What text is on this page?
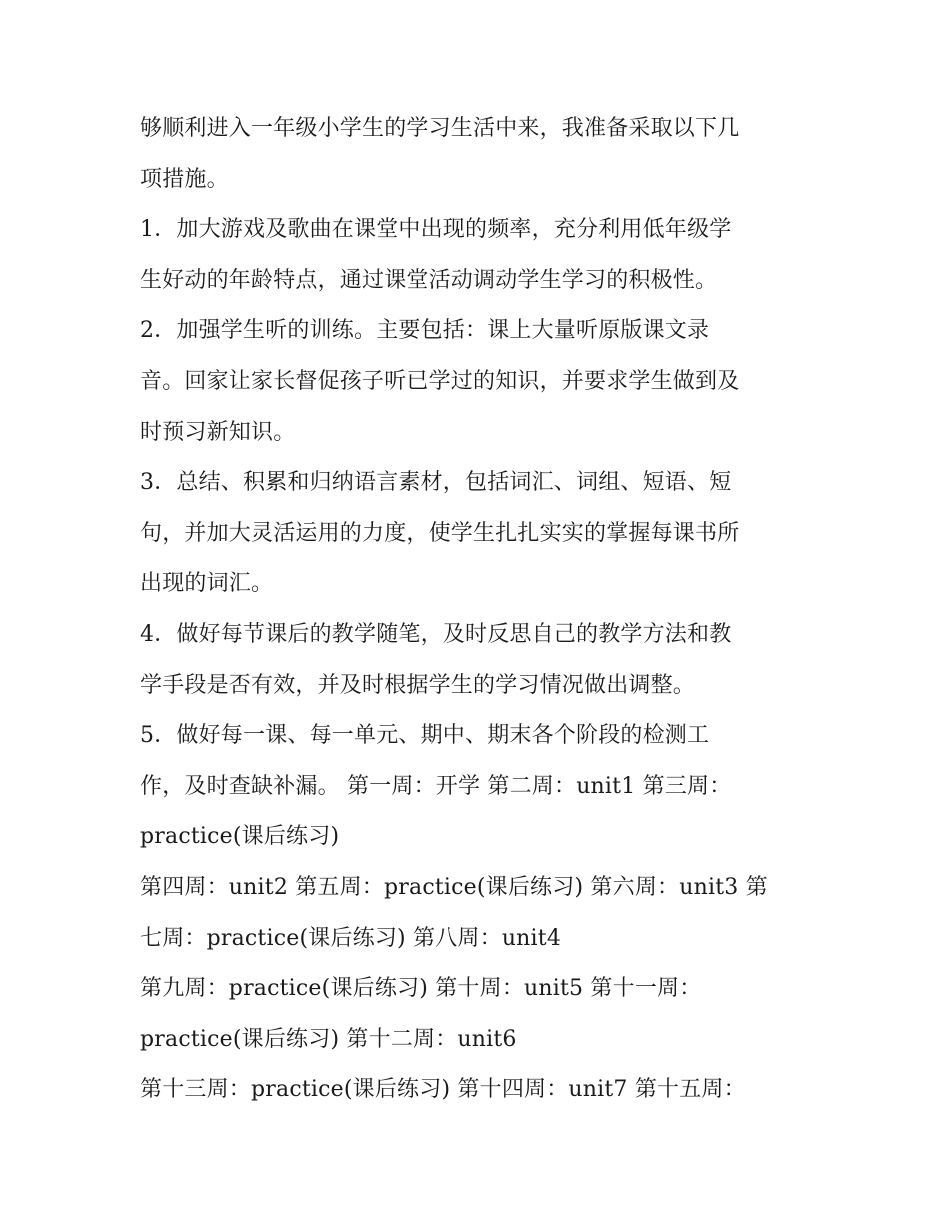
够顺利进入一年级小学生的学习生活中来，我准备采取以下几
项措施。
1．加大游戏及歌曲在课堂中出现的频率，充分利用低年级学
生好动的年龄特点，通过课堂活动调动学生学习的积极性。
2．加强学生听的训练。主要包括：课上大量听原版课文录
音。回家让家长督促孩子听已学过的知识，并要求学生做到及
时预习新知识。
3．总结、积累和归纳语言素材，包括词汇、词组、短语、短
句，并加大灵活运用的力度，使学生扎扎实实的掌握每课书所
出现的词汇。
4．做好每节课后的教学随笔，及时反思自己的教学方法和教
学手段是否有效，并及时根据学生的学习情况做出调整。
5．做好每一课、每一单元、期中、期末各个阶段的检测工
作，及时查缺补漏。 第一周：开学 第二周：unit1 第三周：
practice(课后练习)
第四周：unit2 第五周：practice(课后练习) 第六周：unit3 第
七周：practice(课后练习) 第八周：unit4
第九周：practice(课后练习) 第十周：unit5 第十一周：
practice(课后练习) 第十二周：unit6
第十三周：practice(课后练习) 第十四周：unit7 第十五周：
